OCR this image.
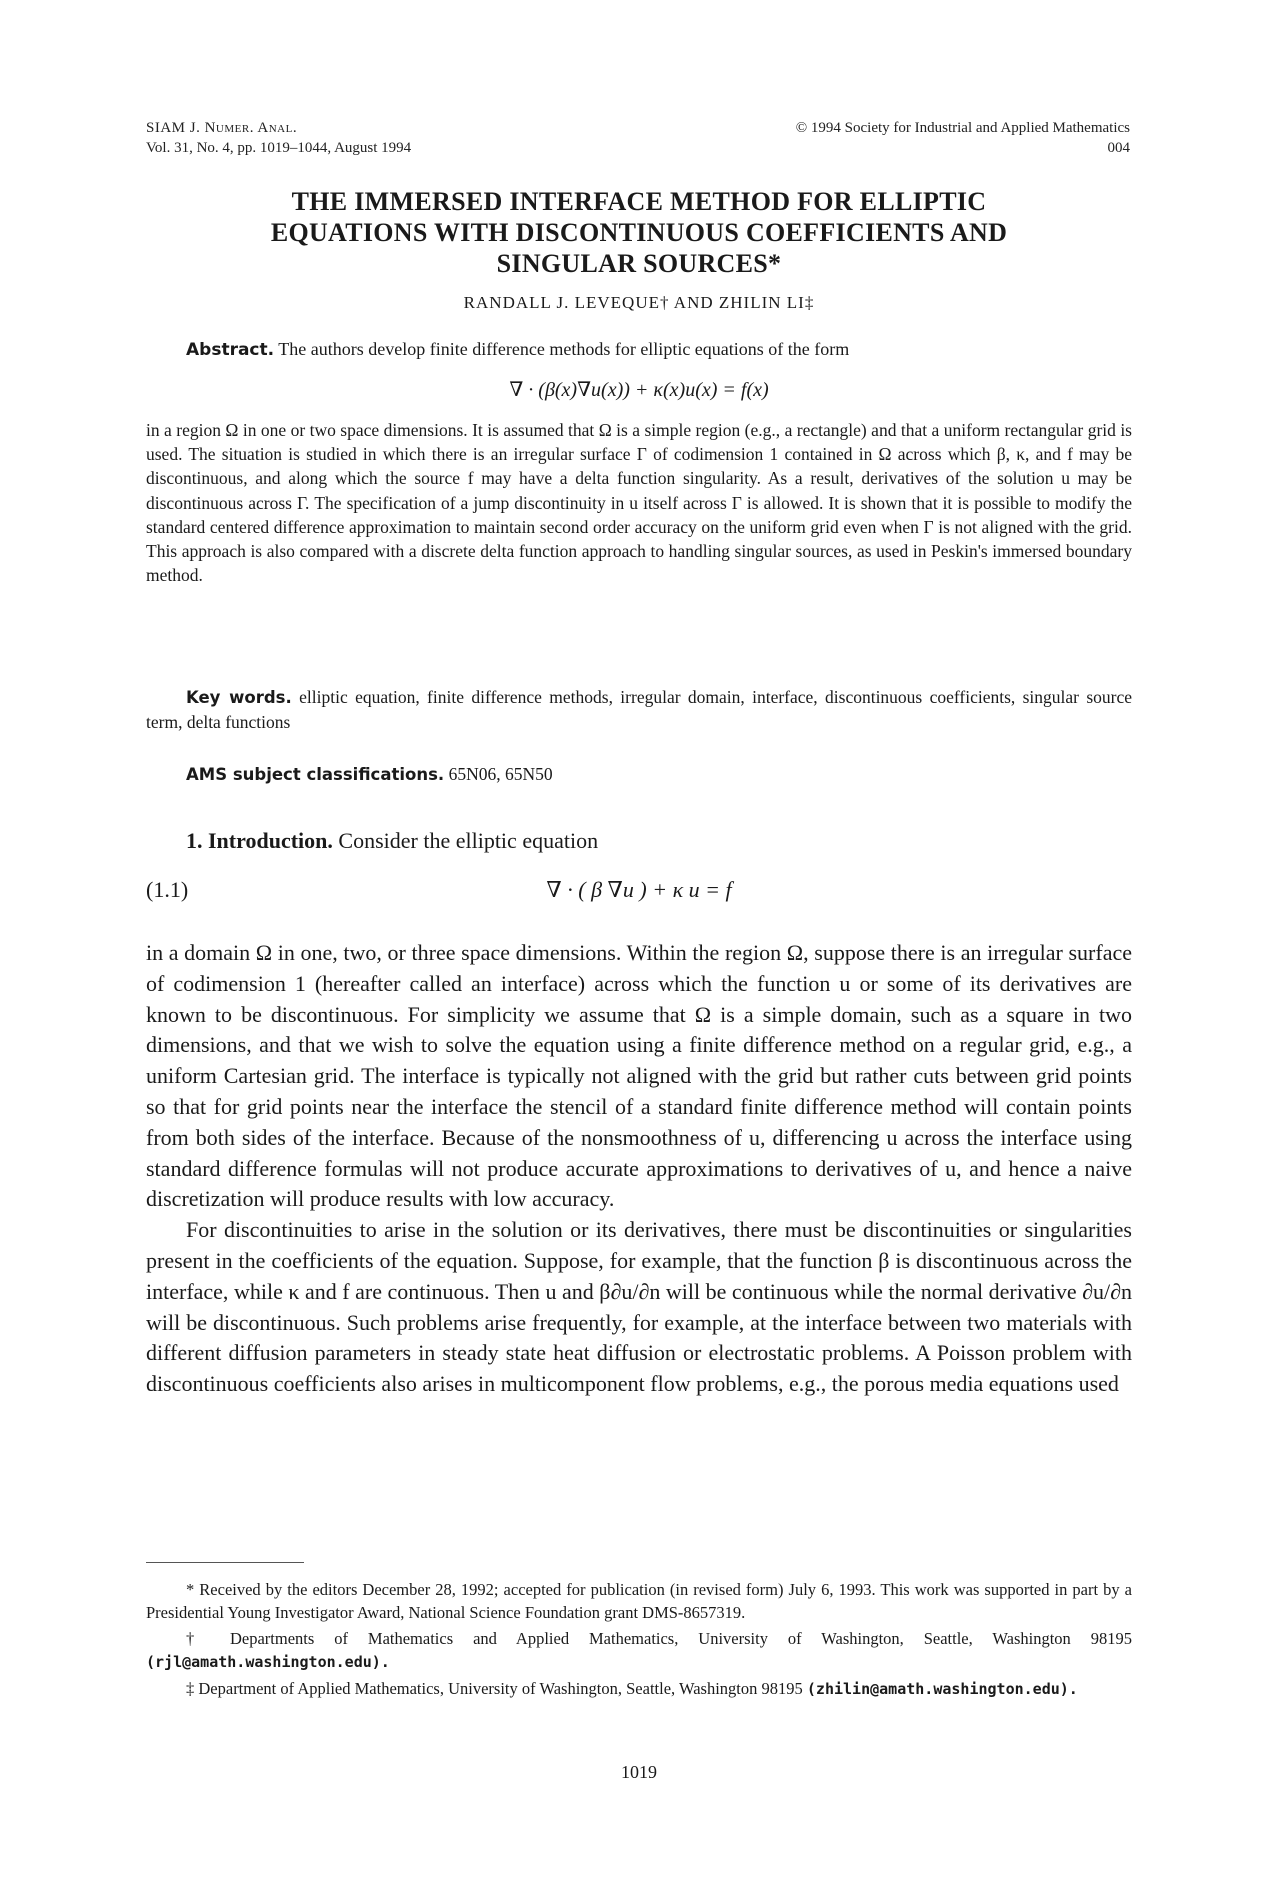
SIAM J. Numer. Anal.
Vol. 31, No. 4, pp. 1019–1044, August 1994
© 1994 Society for Industrial and Applied Mathematics
004
THE IMMERSED INTERFACE METHOD FOR ELLIPTIC
EQUATIONS WITH DISCONTINUOUS COEFFICIENTS AND
SINGULAR SOURCES*
RANDALL J. LEVEQUE† AND ZHILIN LI‡
Abstract. The authors develop finite difference methods for elliptic equations of the form
∇ · (β(x)∇u(x)) + κ(x)u(x) = f(x)
in a region Ω in one or two space dimensions. It is assumed that Ω is a simple region (e.g., a rectangle) and that a uniform rectangular grid is used. The situation is studied in which there is an irregular surface Γ of codimension 1 contained in Ω across which β, κ, and f may be discontinuous, and along which the source f may have a delta function singularity. As a result, derivatives of the solution u may be discontinuous across Γ. The specification of a jump discontinuity in u itself across Γ is allowed. It is shown that it is possible to modify the standard centered difference approximation to maintain second order accuracy on the uniform grid even when Γ is not aligned with the grid. This approach is also compared with a discrete delta function approach to handling singular sources, as used in Peskin's immersed boundary method.
Key words. elliptic equation, finite difference methods, irregular domain, interface, discontinuous coefficients, singular source term, delta functions
AMS subject classifications. 65N06, 65N50
1. Introduction. Consider the elliptic equation
∇ · ( β ∇u ) + κ u = f
(1.1)

in a domain Ω in one, two, or three space dimensions. Within the region Ω, suppose there is an irregular surface of codimension 1 (hereafter called an interface) across which the function u or some of its derivatives are known to be discontinuous. For simplicity we assume that Ω is a simple domain, such as a square in two dimensions, and that we wish to solve the equation using a finite difference method on a regular grid, e.g., a uniform Cartesian grid. The interface is typically not aligned with the grid but rather cuts between grid points so that for grid points near the interface the stencil of a standard finite difference method will contain points from both sides of the interface. Because of the nonsmoothness of u, differencing u across the interface using standard difference formulas will not produce accurate approximations to derivatives of u, and hence a naive discretization will produce results with low accuracy.

For discontinuities to arise in the solution or its derivatives, there must be discontinuities or singularities present in the coefficients of the equation. Suppose, for example, that the function β is discontinuous across the interface, while κ and f are continuous. Then u and β∂u/∂n will be continuous while the normal derivative ∂u/∂n will be discontinuous. Such problems arise frequently, for example, at the interface between two materials with different diffusion parameters in steady state heat diffusion or electrostatic problems. A Poisson problem with discontinuous coefficients also arises in multicomponent flow problems, e.g., the porous media equations used

* Received by the editors December 28, 1992; accepted for publication (in revised form) July 6, 1993. This work was supported in part by a Presidential Young Investigator Award, National Science Foundation grant DMS-8657319.

† Departments of Mathematics and Applied Mathematics, University of Washington, Seattle, Washington 98195 (rjl@amath.washington.edu).

‡ Department of Applied Mathematics, University of Washington, Seattle, Washington 98195 (zhilin@amath.washington.edu).

1019
